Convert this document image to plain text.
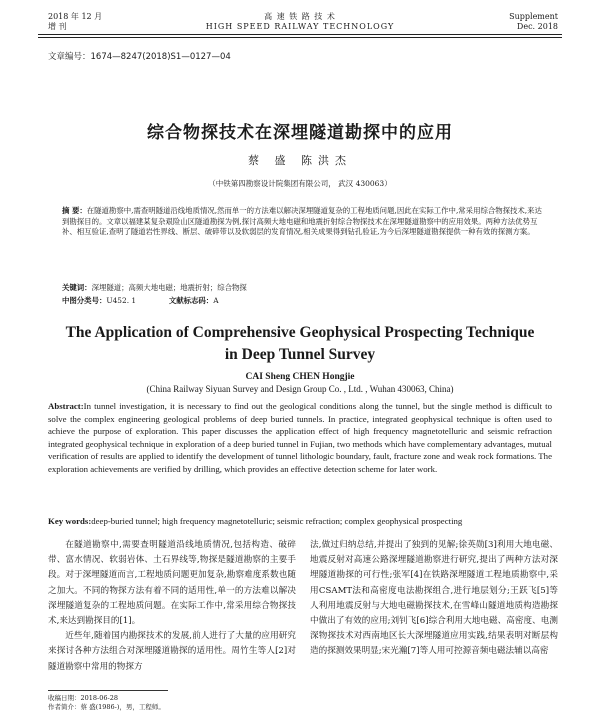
2018 年 12 月
增 刊
高 速 铁 路 技 术
HIGH SPEED RAILWAY TECHNOLOGY
Supplement
Dec. 2018
文章编号：1674—8247(2018)S1—0127—04
综合物探技术在深埋隧道勘探中的应用
蔡 盛 陈洪杰
（中铁第四勘察设计院集团有限公司， 武汉 430063）
摘 要：在隧道勘察中,需查明隧道沿线地质情况,然而单一的方法难以解决深埋隧道复杂的工程地质问题,因此在实际工作中,常采用综合物探技术,来达到勘探目的。文章以福建某复杂艰险山区隧道勘探为例,探讨高频大地电磁和地震折射综合物探技术在深埋隧道勘察中的应用效果。两种方法优势互补、相互验证,查明了隧道岩性界线、断层、破碎带以及软弱层的发育情况,相关成果得到钻孔验证,为今后深埋隧道勘探提供一种有效的探测方案。
关键词：深埋隧道；高频大地电磁；地震折射；综合物探
中图分类号：U452. 1	文献标志码：A
The Application of Comprehensive Geophysical Prospecting Technique
in Deep Tunnel Survey
CAI Sheng CHEN Hongjie
(China Railway Siyuan Survey and Design Group Co. , Ltd. , Wuhan 430063, China)
Abstract:In tunnel investigation, it is necessary to find out the geological conditions along the tunnel, but the single method is difficult to solve the complex engineering geological problems of deep buried tunnels. In practice, integrated geophysical technique is often used to achieve the purpose of exploration. This paper discusses the application effect of high frequency magnetotelluric and seismic refraction integrated geophysical technique in exploration of a deep buried tunnel in Fujian, two methods which have complementary advantages, mutual verification of results are applied to identify the development of tunnel lithologic boundary, fault, fracture zone and weak rock formations. The exploration achievements are verified by drilling, which provides an effective detection scheme for later work.
Key words:deep-buried tunnel; high frequency magnetotelluric; seismic refraction; complex geophysical prospecting

在隧道勘察中,需要查明隧道沿线地质情况,包括构造、破碎带、富水情况、软弱岩体、土石界线等,物探是隧道勘察的主要手段。对于深埋隧道而言,工程地质问题更加复杂,勘察难度系数也随之加大。不同的物探方法有着不同的适用性,单一的方法难以解决深埋隧道复杂的工程地质问题。在实际工作中,常采用综合物探技术,来达到勘探目的[1]。

近些年,随着国内勘探技术的发展,前人进行了大量的应用研究来探讨各种方法组合对深埋隧道勘探的适用性。周竹生等人[2]对隧道勘察中常用的物探方

法,做过归纳总结,并提出了独到的见解;徐英勋[3]利用大地电磁、地震反射对高速公路深埋隧道勘察进行研究,提出了两种方法对深埋隧道勘探的可行性;张军[4]在铁路深埋隧道工程地质勘察中,采用CSAMT法和高密度电法勘探组合,进行地层划分;王跃飞[5]等人利用地震反射与大地电磁勘探技术,在雪峰山隧道地质构造勘探中做出了有效的应用;刘钊飞[6]综合利用大地电磁、高密度、电测深物探技术对西南地区长大深埋隧道应用实践,结果表明对断层构造的探测效果明显;宋光瀚[7]等人用可控源音频电磁法辅以高密

收稿日期：2018-06-28
作者简介：蔡 盛(1986-)，男，工程师。
